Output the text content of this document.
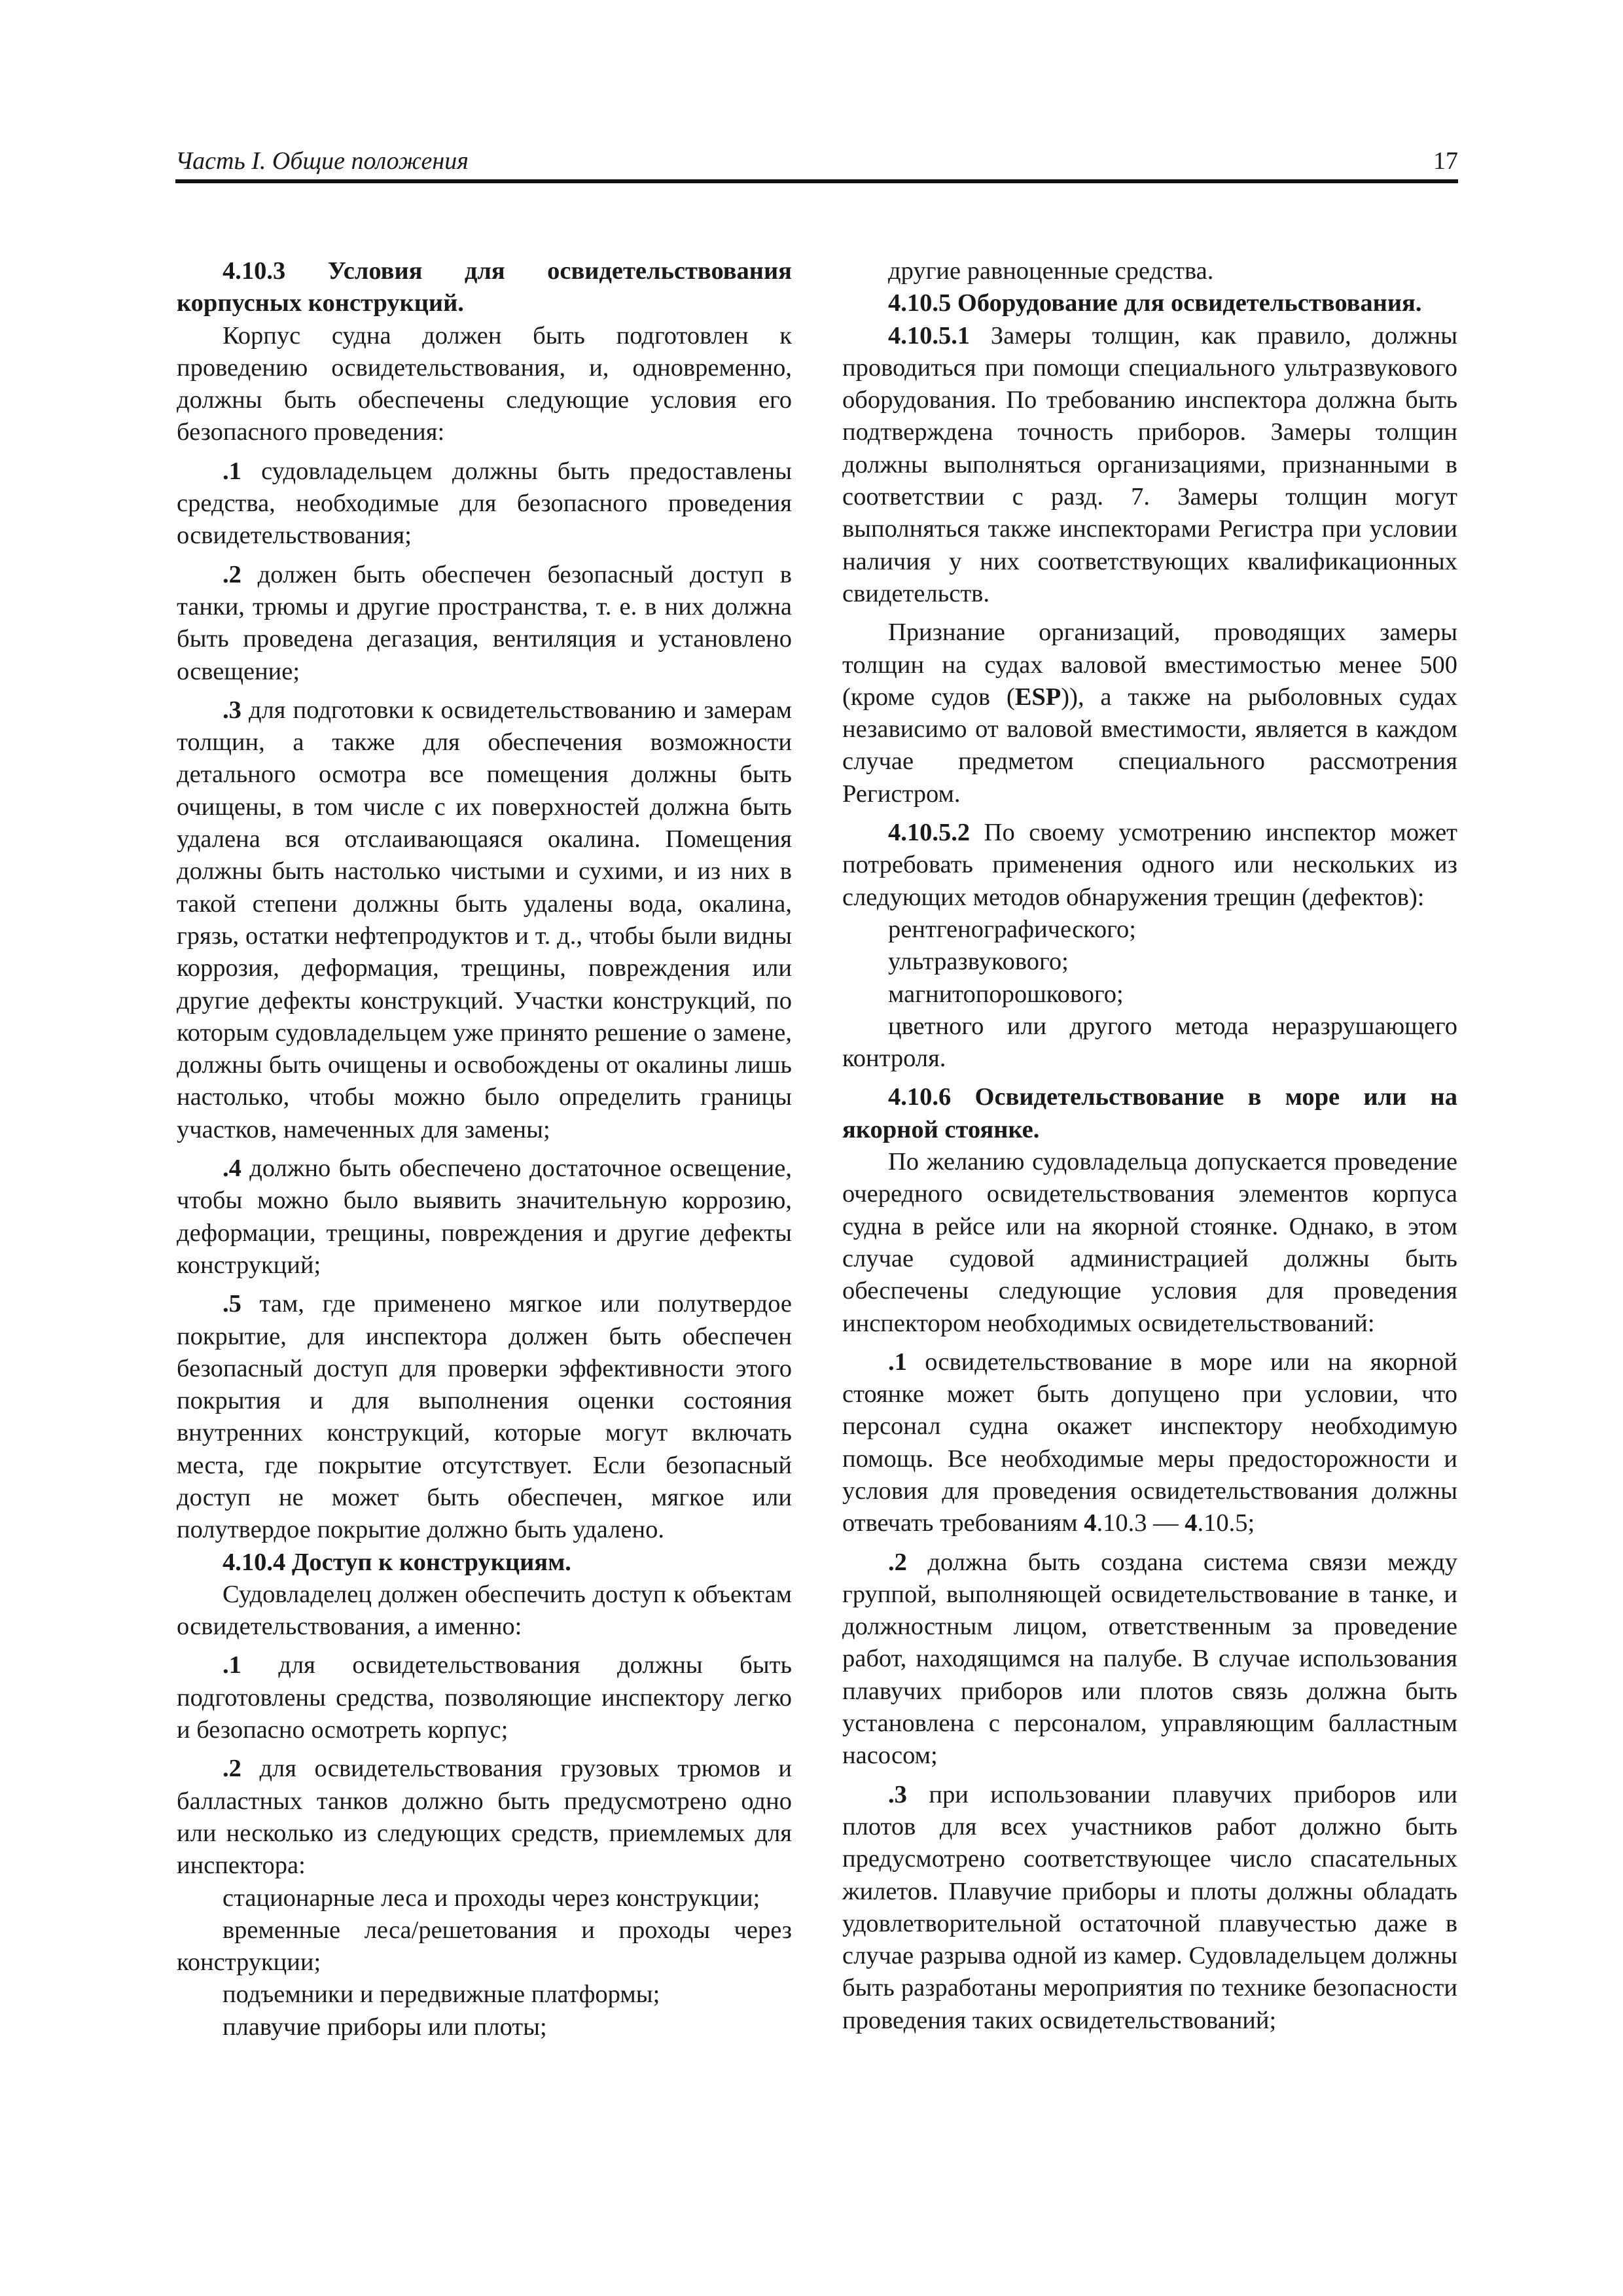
Часть I. Общие положения	17

4.10.3 Условия для освидетельствования корпусных конструкций.

Корпус судна должен быть подготовлен к проведению освидетельствования, и, одновременно, должны быть обеспечены следующие условия его безопасного проведения:

.1 судовладельцем должны быть предоставлены средства, необходимые для безопасного проведения освидетельствования;

.2 должен быть обеспечен безопасный доступ в танки, трюмы и другие пространства, т. е. в них должна быть проведена дегазация, вентиляция и установлено освещение;

.3 для подготовки к освидетельствованию и замерам толщин, а также для обеспечения возможности детального осмотра все помещения должны быть очищены, в том числе с их поверхностей должна быть удалена вся отслаивающаяся окалина. Помещения должны быть настолько чистыми и сухими, и из них в такой степени должны быть удалены вода, окалина, грязь, остатки нефтепродуктов и т. д., чтобы были видны коррозия, деформация, трещины, повреждения или другие дефекты конструкций. Участки конструкций, по которым судовладельцем уже принято решение о замене, должны быть очищены и освобождены от окалины лишь настолько, чтобы можно было определить границы участков, намеченных для замены;

.4 должно быть обеспечено достаточное освещение, чтобы можно было выявить значительную коррозию, деформации, трещины, повреждения и другие дефекты конструкций;

.5 там, где применено мягкое или полутвердое покрытие, для инспектора должен быть обеспечен безопасный доступ для проверки эффективности этого покрытия и для выполнения оценки состояния внутренних конструкций, которые могут включать места, где покрытие отсутствует. Если безопасный доступ не может быть обеспечен, мягкое или полутвердое покрытие должно быть удалено.

4.10.4 Доступ к конструкциям.

Судовладелец должен обеспечить доступ к объектам освидетельствования, а именно:

.1 для освидетельствования должны быть подготовлены средства, позволяющие инспектору легко и безопасно осмотреть корпус;

.2 для освидетельствования грузовых трюмов и балластных танков должно быть предусмотрено одно или несколько из следующих средств, приемлемых для инспектора:

стационарные леса и проходы через конструкции;

временные леса/решетования и проходы через конструкции;

подъемники и передвижные платформы;

плавучие приборы или плоты;

другие равноценные средства.

4.10.5 Оборудование для освидетельствования.

4.10.5.1 Замеры толщин, как правило, должны проводиться при помощи специального ультразвукового оборудования. По требованию инспектора должна быть подтверждена точность приборов. Замеры толщин должны выполняться организациями, признанными в соответствии с разд. 7. Замеры толщин могут выполняться также инспекторами Регистра при условии наличия у них соответствующих квалификационных свидетельств.

Признание организаций, проводящих замеры толщин на судах валовой вместимостью менее 500 (кроме судов (ESP)), а также на рыболовных судах независимо от валовой вместимости, является в каждом случае предметом специального рассмотрения Регистром.

4.10.5.2 По своему усмотрению инспектор может потребовать применения одного или нескольких из следующих методов обнаружения трещин (дефектов):

рентгенографического;

ультразвукового;

магнитопорошкового;

цветного или другого метода неразрушающего контроля.

4.10.6 Освидетельствование в море или на якорной стоянке.

По желанию судовладельца допускается проведение очередного освидетельствования элементов корпуса судна в рейсе или на якорной стоянке. Однако, в этом случае судовой администрацией должны быть обеспечены следующие условия для проведения инспектором необходимых освидетельствований:

.1 освидетельствование в море или на якорной стоянке может быть допущено при условии, что персонал судна окажет инспектору необходимую помощь. Все необходимые меры предосторожности и условия для проведения освидетельствования должны отвечать требованиям 4.10.3 — 4.10.5;

.2 должна быть создана система связи между группой, выполняющей освидетельствование в танке, и должностным лицом, ответственным за проведение работ, находящимся на палубе. В случае использования плавучих приборов или плотов связь должна быть установлена с персоналом, управляющим балластным насосом;

.3 при использовании плавучих приборов или плотов для всех участников работ должно быть предусмотрено соответствующее число спасательных жилетов. Плавучие приборы и плоты должны обладать удовлетворительной остаточной плавучестью даже в случае разрыва одной из камер. Судовладельцем должны быть разработаны мероприятия по технике безопасности проведения таких освидетельствований;
